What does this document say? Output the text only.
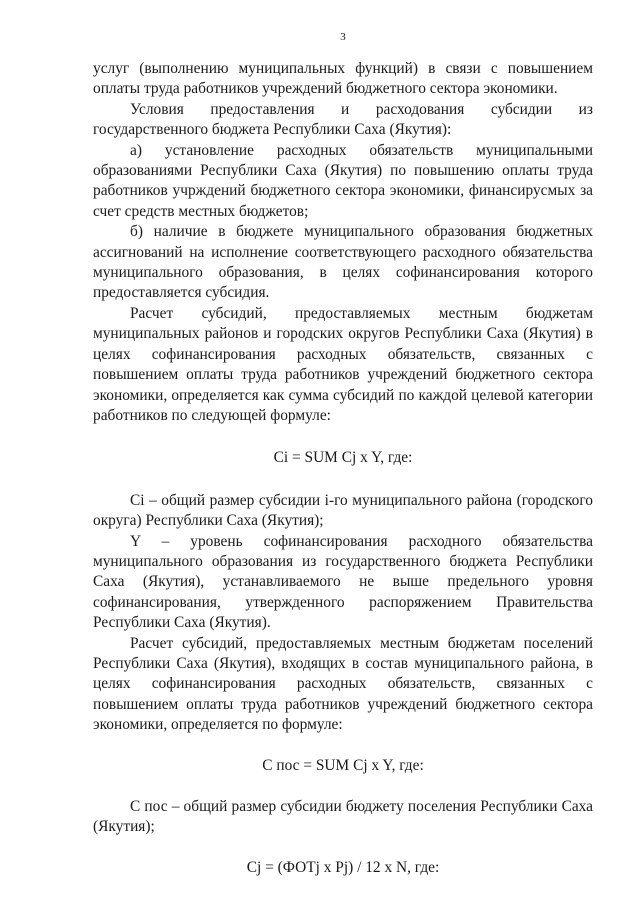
3

услуг (выполнению муниципальных функций) в связи с повышением оплаты труда работников учреждений бюджетного сектора экономики.

Условия предоставления и расходования субсидии из государственного бюджета Республики Саха (Якутия):

а) установление расходных обязательств муниципальными образованиями Республики Саха (Якутия) по повышению оплаты труда работников учрждений бюджетного сектора экономики, финансирусмых за счет средств местных бюджетов;

б) наличие в бюджете муниципального образования бюджетных ассигнований на исполнение соответствующего расходного обязательства муниципального образования, в целях софинансирования которого предоставляется субсидия.

Расчет субсидий, предоставляемых местным бюджетам муниципальных районов и городских округов Республики Саха (Якутия) в целях софинансирования расходных обязательств, связанных с повышением оплаты труда работников учреждений бюджетного сектора экономики, определяется как сумма субсидий по каждой целевой категории работников по следующей формуле:

Ci = SUM Cj x Y, где:

Ci – общий размер субсидии i-го муниципального района (городского округа) Республики Саха (Якутия);

Y – уровень софинансирования расходного обязательства муниципального образования из государственного бюджета Республики Саха (Якутия), устанавливаемого не выше предельного уровня софинансирования, утвержденного распоряжением Правительства Республики Саха (Якутия).

Расчет субсидий, предоставляемых местным бюджетам поселений Республики Саха (Якутия), входящих в состав муниципального района, в целях софинансирования расходных обязательств, связанных с повышением оплаты труда работников учреждений бюджетного сектора экономики, определяется по формуле:

С пос = SUM Cj x Y, где:

С пос – общий размер субсидии бюджету поселения Республики Саха (Якутия);

Cj = (ФОТj x Pj) / 12 x N, где:
